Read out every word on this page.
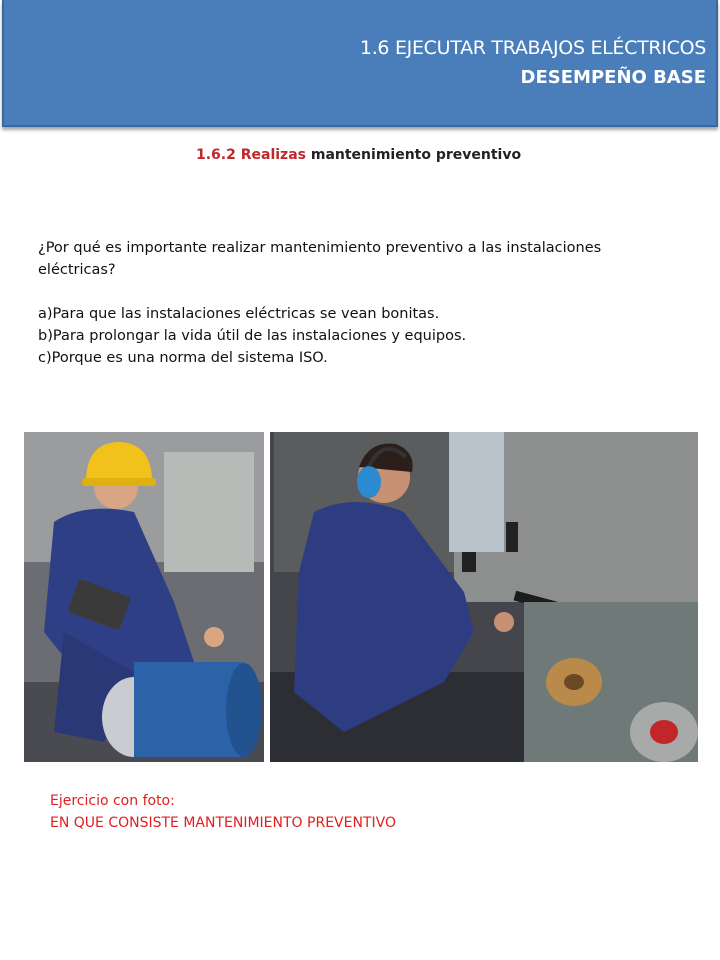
1.6 EJECUTAR TRABAJOS ELÉCTRICOS
DESEMPEÑO BASE
1.6.2 Realizas mantenimiento preventivo

¿Por qué es importante realizar mantenimiento preventivo a las instalaciones eléctricas?

a)Para que las instalaciones eléctricas se vean bonitas.

b)Para prolongar la vida útil de las instalaciones y equipos.

c)Porque es una norma del sistema ISO.

Ejercicio con foto:

EN QUE CONSISTE MANTENIMIENTO PREVENTIVO
